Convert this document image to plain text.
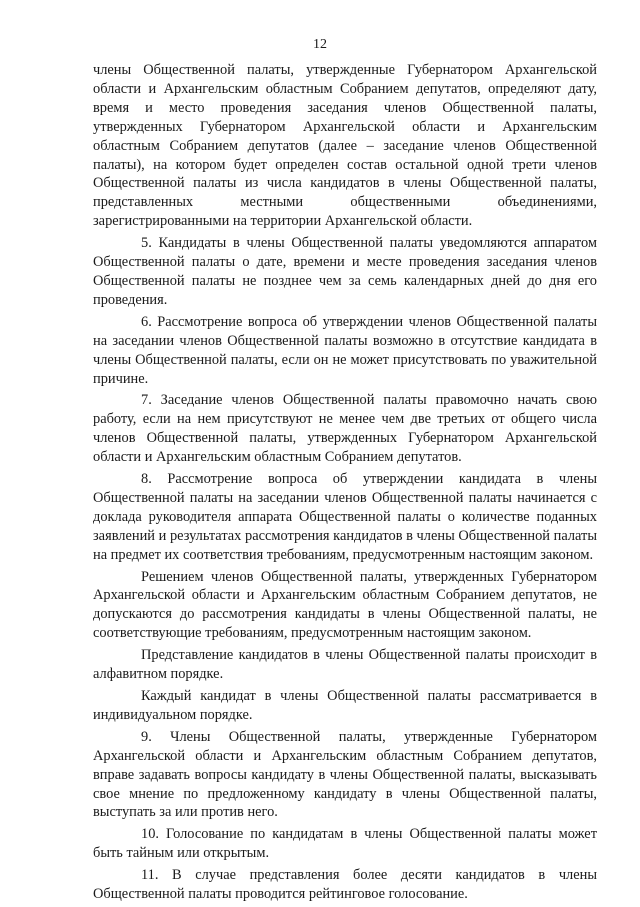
12

члены Общественной палаты, утвержденные Губернатором Архангельской области и Архангельским областным Собранием депутатов, определяют дату, время и место проведения заседания членов Общественной палаты, утвержденных Губернатором Архангельской области и Архангельским областным Собранием депутатов (далее – заседание членов Общественной палаты), на котором будет определен состав остальной одной трети членов Общественной палаты из числа кандидатов в члены Общественной палаты, представленных местными общественными объединениями, зарегистрированными на территории Архангельской области.

5. Кандидаты в члены Общественной палаты уведомляются аппаратом Общественной палаты о дате, времени и месте проведения заседания членов Общественной палаты не позднее чем за семь календарных дней до дня его проведения.

6. Рассмотрение вопроса об утверждении членов Общественной палаты на заседании членов Общественной палаты возможно в отсутствие кандидата в члены Общественной палаты, если он не может присутствовать по уважительной причине.

7. Заседание членов Общественной палаты правомочно начать свою работу, если на нем присутствуют не менее чем две третьих от общего числа членов Общественной палаты, утвержденных Губернатором Архангельской области и Архангельским областным Собранием депутатов.

8. Рассмотрение вопроса об утверждении кандидата в члены Общественной палаты на заседании членов Общественной палаты начинается с доклада руководителя аппарата Общественной палаты о количестве поданных заявлений и результатах рассмотрения кандидатов в члены Общественной палаты на предмет их соответствия требованиям, предусмотренным настоящим законом.

Решением членов Общественной палаты, утвержденных Губернатором Архангельской области и Архангельским областным Собранием депутатов, не допускаются до рассмотрения кандидаты в члены Общественной палаты, не соответствующие требованиям, предусмотренным настоящим законом.

Представление кандидатов в члены Общественной палаты происходит в алфавитном порядке.

Каждый кандидат в члены Общественной палаты рассматривается в индивидуальном порядке.

9. Члены Общественной палаты, утвержденные Губернатором Архангельской области и Архангельским областным Собранием депутатов, вправе задавать вопросы кандидату в члены Общественной палаты, высказывать свое мнение по предложенному кандидату в члены Общественной палаты, выступать за или против него.

10. Голосование по кандидатам в члены Общественной палаты может быть тайным или открытым.

11. В случае представления более десяти кандидатов в члены Общественной палаты проводится рейтинговое голосование.
